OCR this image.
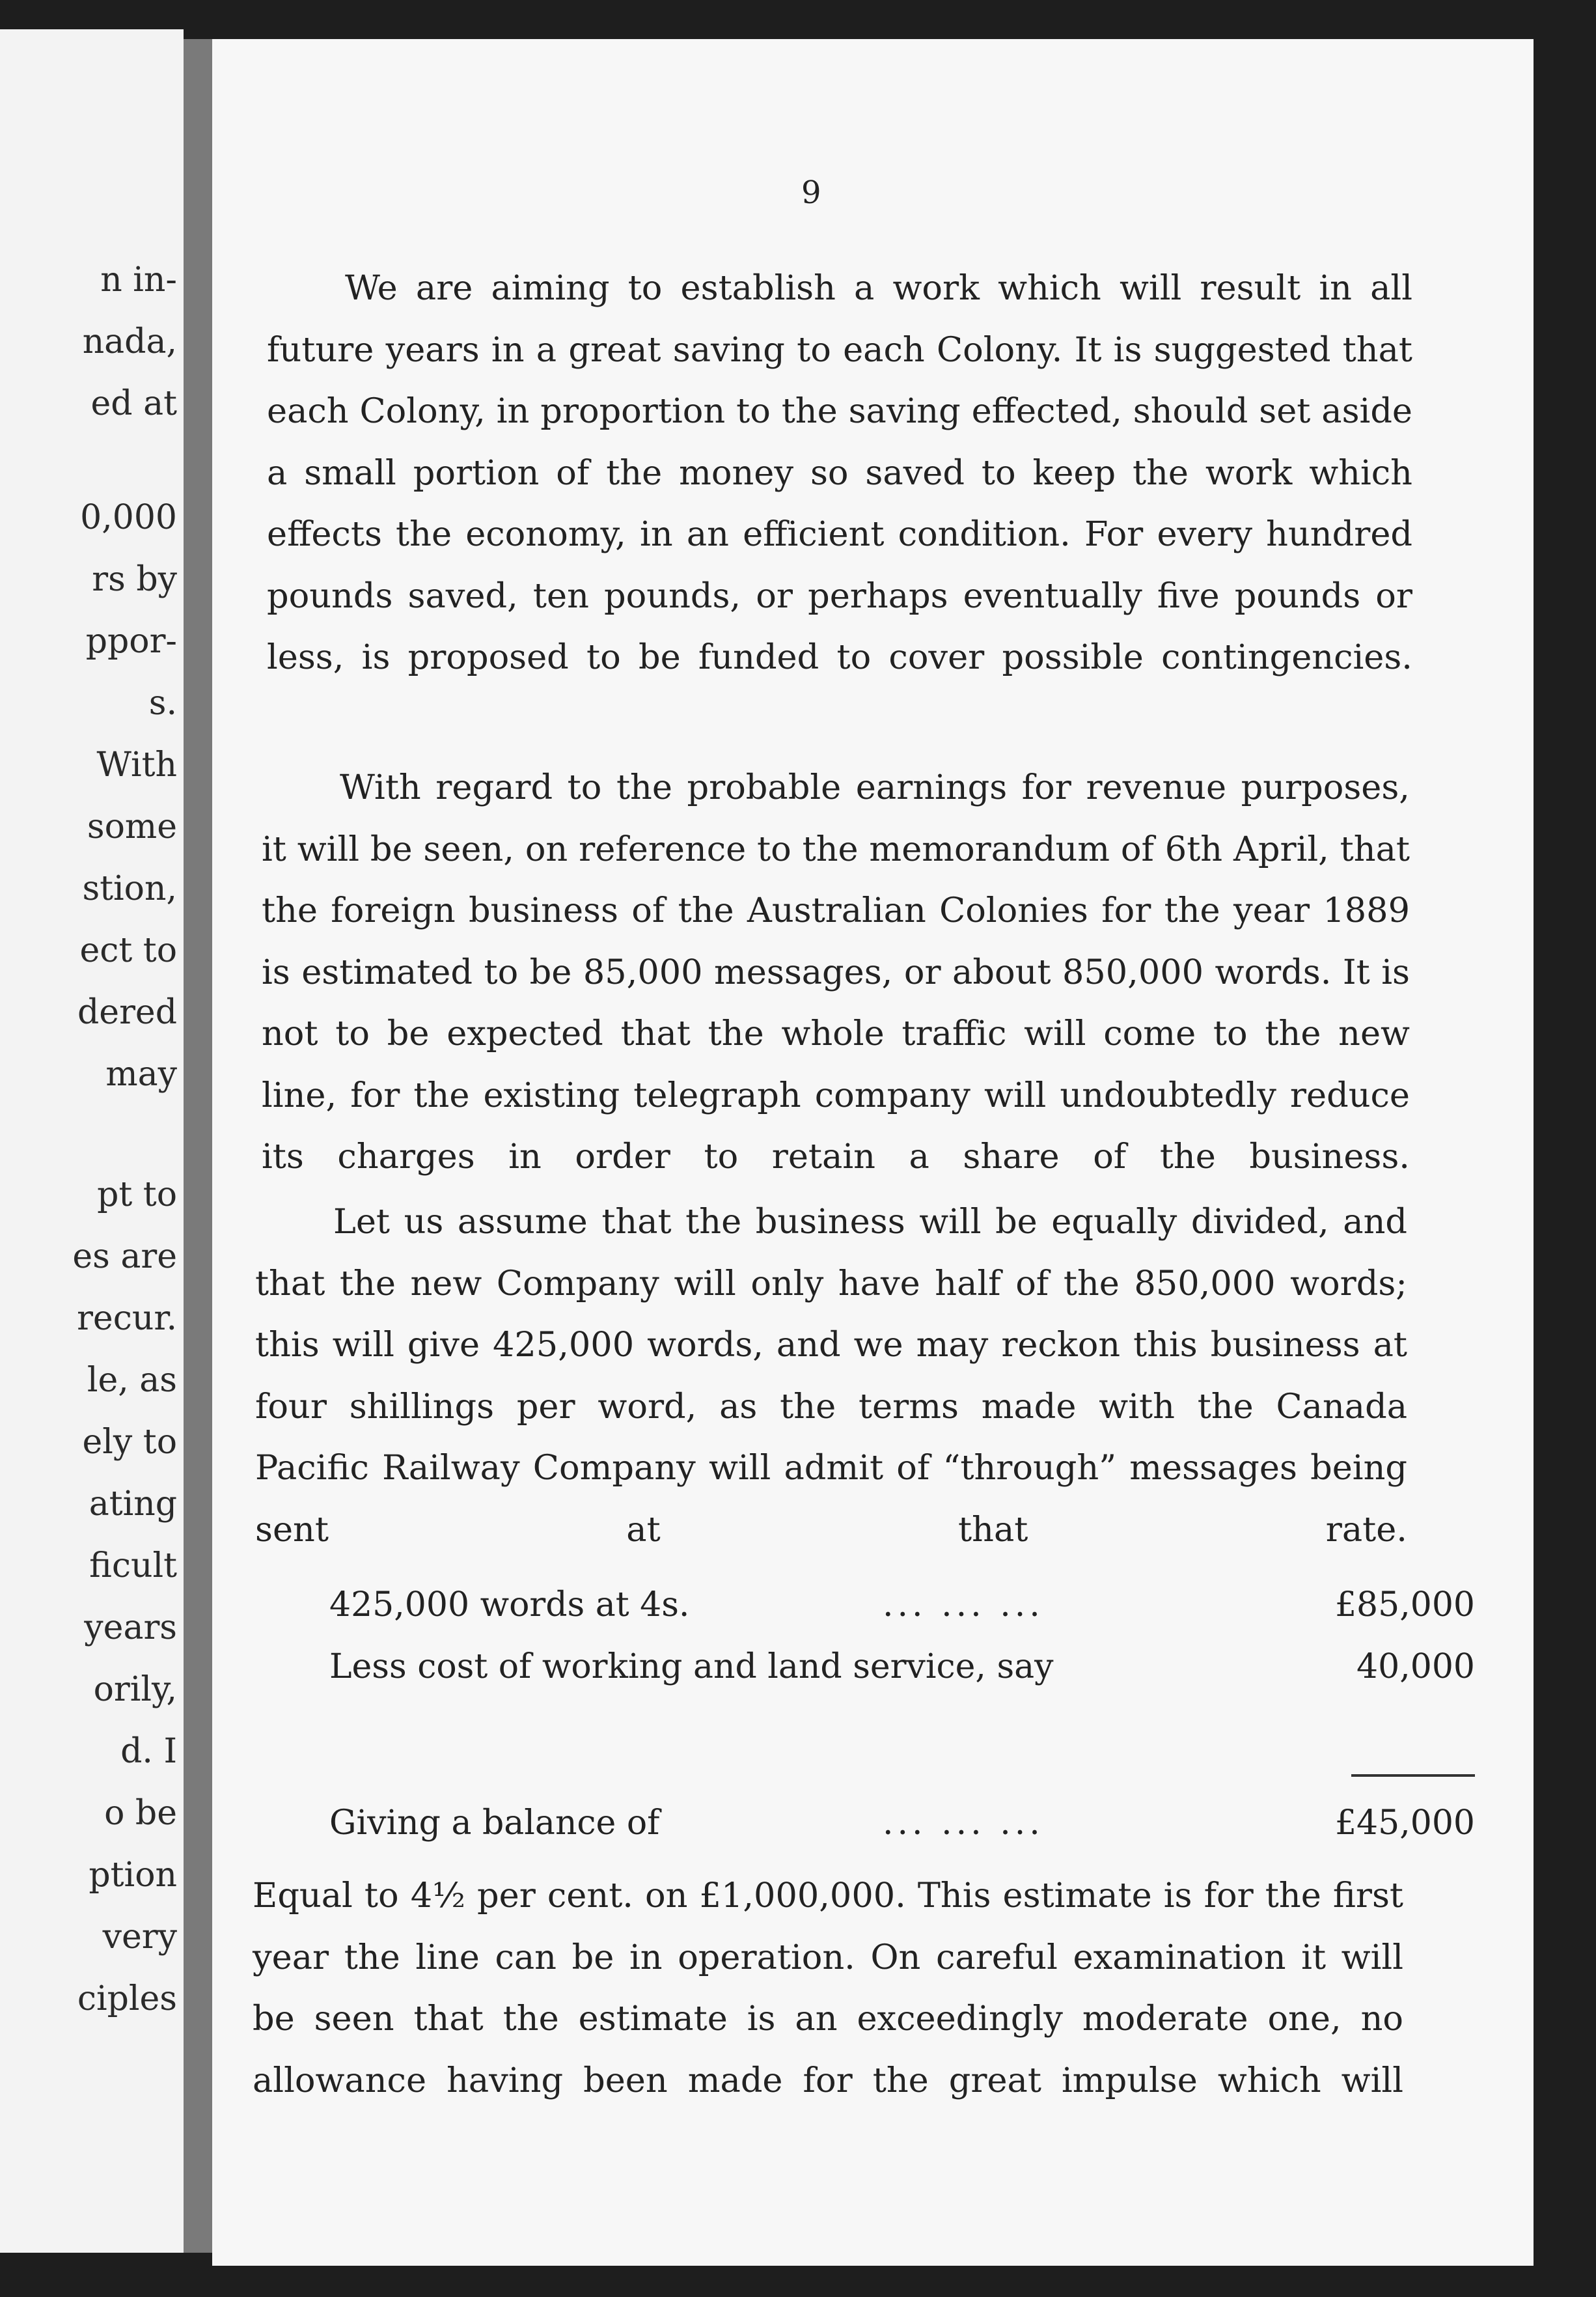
n in-
nada,
ed at
0,000
rs by
ppor-
s.
With
some
stion,
ect to
dered
may
pt to
es are
recur.
le, as
ely to
ating
ficult
years
orily,
d. I
o be
ption
very
ciples
9

We are aiming to establish a work which will result in all future years in a great saving to each Colony. It is suggested that each Colony, in proportion to the saving effected, should set aside a small portion of the money so saved to keep the work which effects the economy, in an efficient condition. For every hundred pounds saved, ten pounds, or perhaps eventually five pounds or less, is proposed to be funded to cover possible contingencies.

With regard to the probable earnings for revenue purposes, it will be seen, on reference to the memorandum of 6th April, that the foreign business of the Australian Colonies for the year 1889 is estimated to be 85,000 messages, or about 850,000 words. It is not to be expected that the whole traffic will come to the new line, for the existing telegraph company will undoubtedly reduce its charges in order to retain a share of the business.

Let us assume that the business will be equally divided, and that the new Company will only have half of the 850,000 words; this will give 425,000 words, and we may reckon this business at four shillings per word, as the terms made with the Canada Pacific Railway Company will admit of “through” messages being sent at that rate.

425,000 words at 4s.	... ... ...	£85,000
Less cost of working and land service, say	40,000
Giving a balance of	... ... ...	£45,000

Equal to 4½ per cent. on £1,000,000. This estimate is for the first year the line can be in operation. On careful examination it will be seen that the estimate is an exceedingly moderate one, no allowance having been made for the great impulse which will
